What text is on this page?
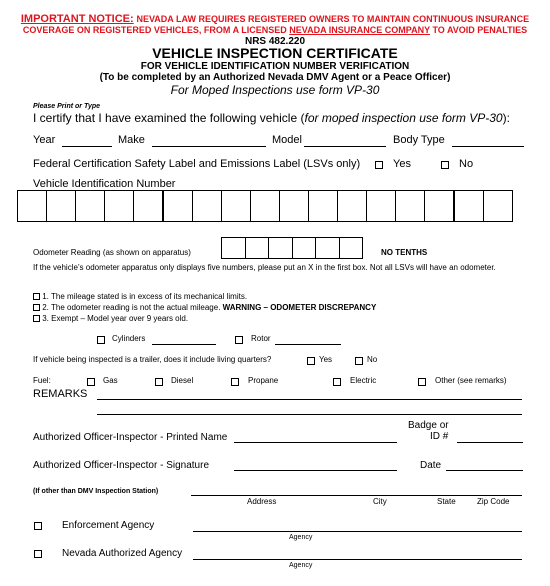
IMPORTANT NOTICE: NEVADA LAW REQUIRES REGISTERED OWNERS TO MAINTAIN CONTINUOUS INSURANCE
COVERAGE ON REGISTERED VEHICLES, FROM A LICENSED NEVADA INSURANCE COMPANY TO AVOID PENALTIES
NRS 482.220
VEHICLE INSPECTION CERTIFICATE
FOR VEHICLE IDENTIFICATION NUMBER VERIFICATION
(To be completed by an Authorized Nevada DMV Agent or a Peace Officer)
For Moped Inspections use form VP-30
Please Print or Type
I certify that I have examined the following vehicle (for moped inspection use form VP-30):
Year	Make	Model	Body Type
Federal Certification Safety Label and Emissions Label (LSVs only)	Yes	No
Vehicle Identification Number
Odometer Reading (as shown on apparatus)	NO TENTHS
If the vehicle’s odometer apparatus only displays five numbers, please put an X in the first box. Not all LSVs will have an odometer.
1. The mileage stated is in excess of its mechanical limits.
2. The odometer reading is not the actual mileage. WARNING – ODOMETER DISCREPANCY
3. Exempt – Model year over 9 years old.
Cylinders	Rotor
If vehicle being inspected is a trailer, does it include living quarters?	Yes	No
Fuel:	Gas	Diesel	Propane	Electric	Other (see remarks)
REMARKS
Authorized Officer-Inspector - Printed Name
Badge or
ID #
Authorized Officer-Inspector - Signature	Date
(If other than DMV Inspection Station)
Address	City	State	Zip Code
Enforcement Agency
Agency
Nevada Authorized Agency
Agency
